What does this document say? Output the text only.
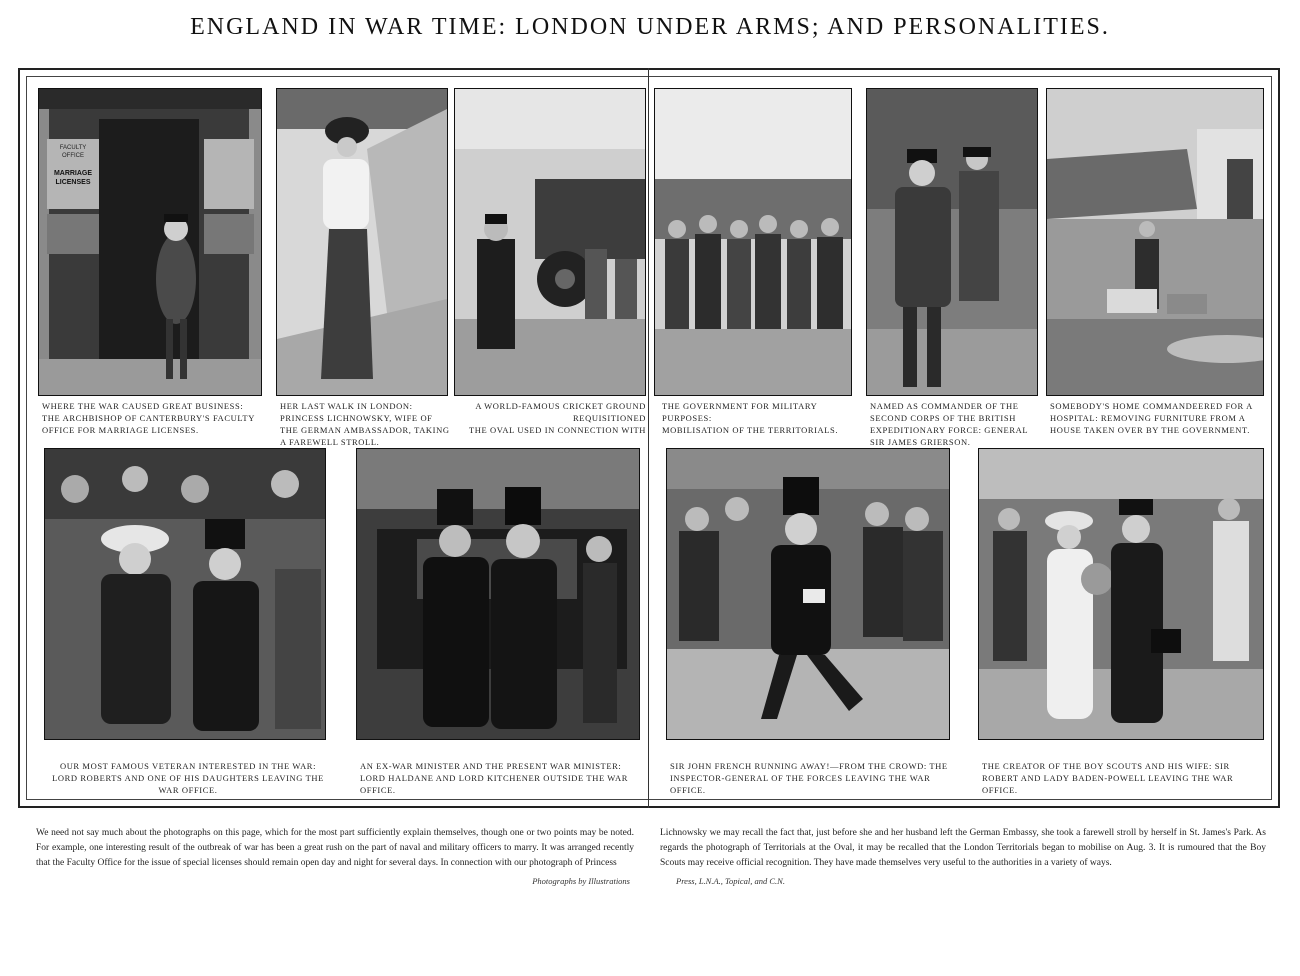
ENGLAND IN WAR TIME: LONDON UNDER ARMS; AND PERSONALITIES.
FACULTY OFFICE
MARRIAGE LICENSES
WHERE THE WAR CAUSED GREAT BUSINESS: THE ARCHBISHOP OF CANTERBURY'S FACULTY OFFICE FOR MARRIAGE LICENSES.
HER LAST WALK IN LONDON: PRINCESS LICHNOWSKY, WIFE OF THE GERMAN AMBASSADOR, TAKING A FAREWELL STROLL.
A WORLD-FAMOUS CRICKET GROUND REQUISITIONED
THE OVAL USED IN CONNECTION WITH
THE GOVERNMENT FOR MILITARY PURPOSES:
MOBILISATION OF THE TERRITORIALS.
NAMED AS COMMANDER OF THE SECOND CORPS OF THE BRITISH EXPEDITIONARY FORCE: GENERAL SIR JAMES GRIERSON.
SOMEBODY'S HOME COMMANDEERED FOR A HOSPITAL: REMOVING FURNITURE FROM A HOUSE TAKEN OVER BY THE GOVERNMENT.
OUR MOST FAMOUS VETERAN INTERESTED IN THE WAR: LORD ROBERTS AND ONE OF HIS DAUGHTERS LEAVING THE WAR OFFICE.
AN EX-WAR MINISTER AND THE PRESENT WAR MINISTER: LORD HALDANE AND LORD KITCHENER OUTSIDE THE WAR OFFICE.
SIR JOHN FRENCH RUNNING AWAY!—FROM THE CROWD: THE INSPECTOR-GENERAL OF THE FORCES LEAVING THE WAR OFFICE.
THE CREATOR OF THE BOY SCOUTS AND HIS WIFE: SIR ROBERT AND LADY BADEN-POWELL LEAVING THE WAR OFFICE.
We need not say much about the photographs on this page, which for the most part sufficiently explain themselves, though one or two points may be noted. For example, one interesting result of the outbreak of war has been a great rush on the part of naval and military officers to marry. It was arranged recently that the Faculty Office for the issue of special licenses should remain open day and night for several days. In connection with our photograph of Princess
Lichnowsky we may recall the fact that, just before she and her husband left the German Embassy, she took a farewell stroll by herself in St. James's Park. As regards the photograph of Territorials at the Oval, it may be recalled that the London Territorials began to mobilise on Aug. 3. It is rumoured that the Boy Scouts may receive official recognition. They have made themselves very useful to the authorities in a variety of ways.
Photographs by Illustrations	Press, L.N.A., Topical, and C.N.
